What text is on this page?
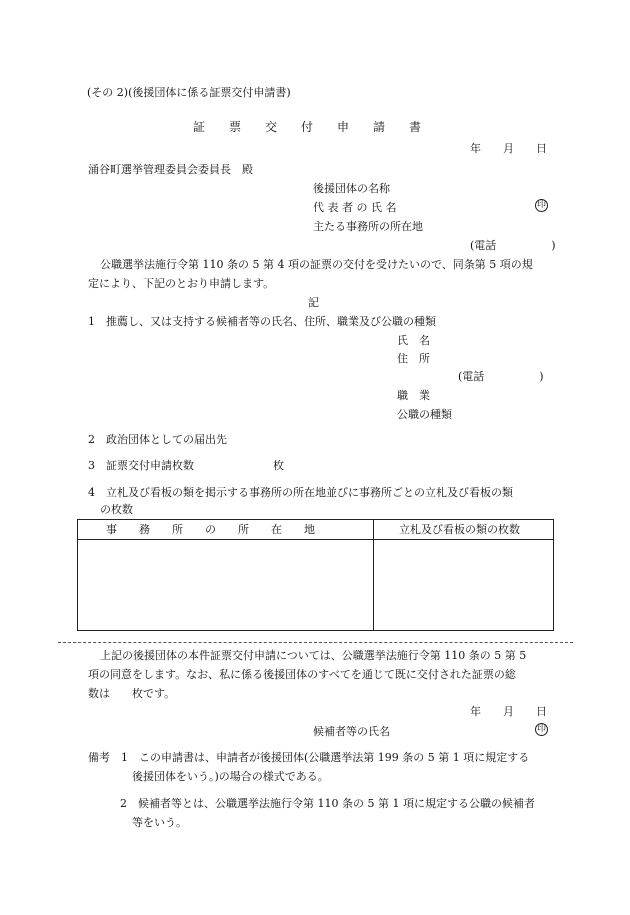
(その 2)(後援団体に係る証票交付申請書)
証　　票　　交　　付　　申　　請　　書
年　　月　　日
涌谷町選挙管理委員会委員長　殿
後援団体の名称
代 表 者 の 氏 名	印
主たる事務所の所在地
(電話　　　　　)
公職選挙法施行令第 110 条の 5 第 4 項の証票の交付を受けたいので、同条第 5 項の規
定により、下記のとおり申請します。
記
1　推薦し、又は支持する候補者等の氏名、住所、職業及び公職の種類
氏　名
住　所
(電話　　　　　)
職　業
公職の種類
2　政治団体としての届出先
3　証票交付申請枚数	枚
4　立札及び看板の類を掲示する事務所の所在地並びに事務所ごとの立札及び看板の類
の枚数
事　　務　　所　　の　　所　　在　　地	立札及び看板の類の枚数
上記の後援団体の本件証票交付申請については、公職選挙法施行令第 110 条の 5 第 5
項の同意をします。なお、私に係る後援団体のすべてを通じて既に交付された証票の総
数は　　枚です。
年　　月　　日
候補者等の氏名	印
備考　1　この申請書は、申請者が後援団体(公職選挙法第 199 条の 5 第 1 項に規定する
後援団体をいう。)の場合の様式である。
2　候補者等とは、公職選挙法施行令第 110 条の 5 第 1 項に規定する公職の候補者
等をいう。
